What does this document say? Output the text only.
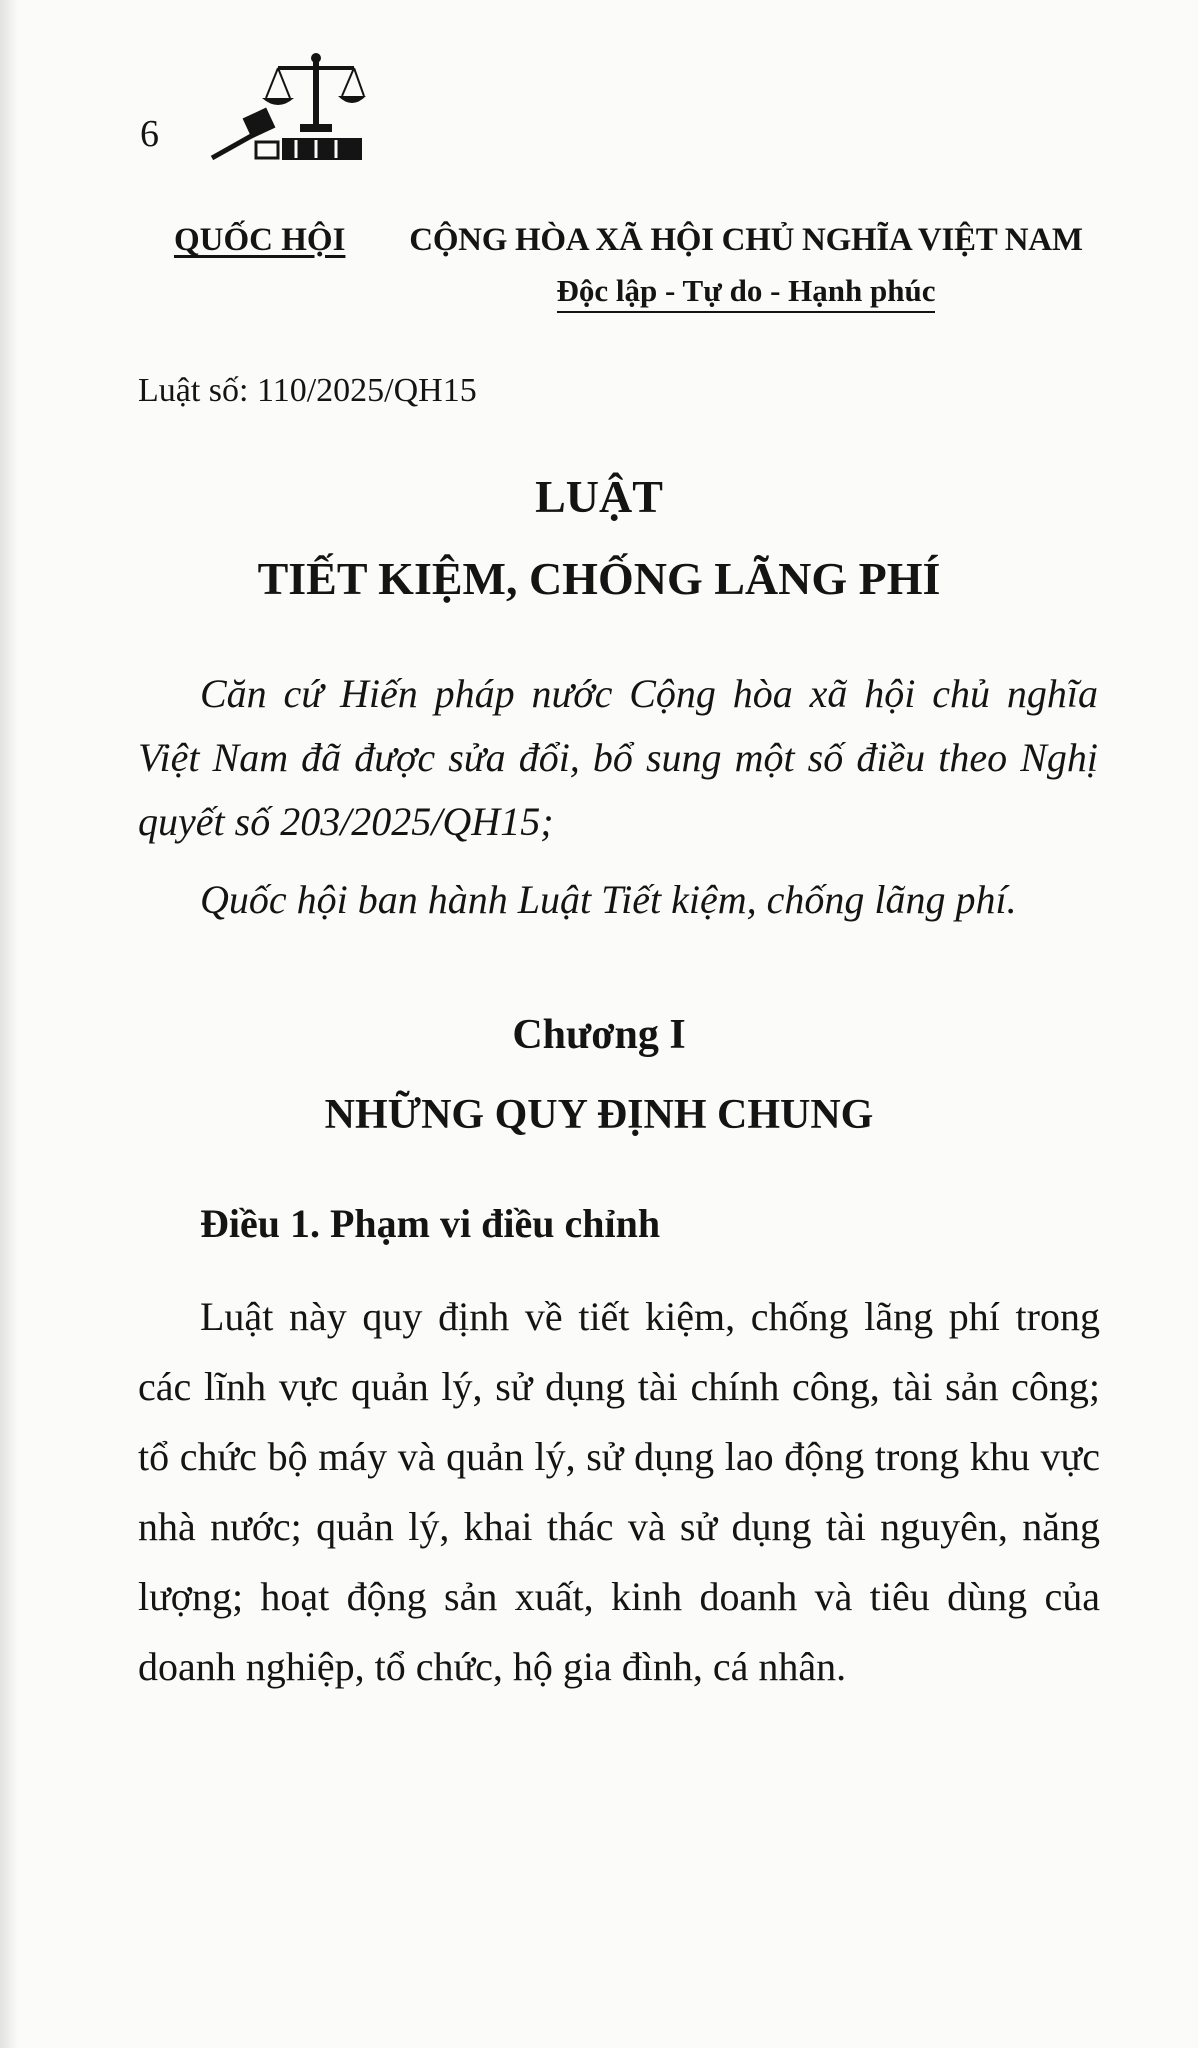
6
QUỐC HỘI	CỘNG HÒA XÃ HỘI CHỦ NGHĨA VIỆT NAM
Độc lập - Tự do - Hạnh phúc
Luật số: 110/2025/QH15
LUẬT
TIẾT KIỆM, CHỐNG LÃNG PHÍ

Căn cứ Hiến pháp nước Cộng hòa xã hội chủ nghĩa Việt Nam đã được sửa đổi, bổ sung một số điều theo Nghị quyết số 203/2025/QH15;

Quốc hội ban hành Luật Tiết kiệm, chống lãng phí.

Chương I
NHỮNG QUY ĐỊNH CHUNG
Điều 1. Phạm vi điều chỉnh

Luật này quy định về tiết kiệm, chống lãng phí trong các lĩnh vực quản lý, sử dụng tài chính công, tài sản công; tổ chức bộ máy và quản lý, sử dụng lao động trong khu vực nhà nước; quản lý, khai thác và sử dụng tài nguyên, năng lượng; hoạt động sản xuất, kinh doanh và tiêu dùng của doanh nghiệp, tổ chức, hộ gia đình, cá nhân.
